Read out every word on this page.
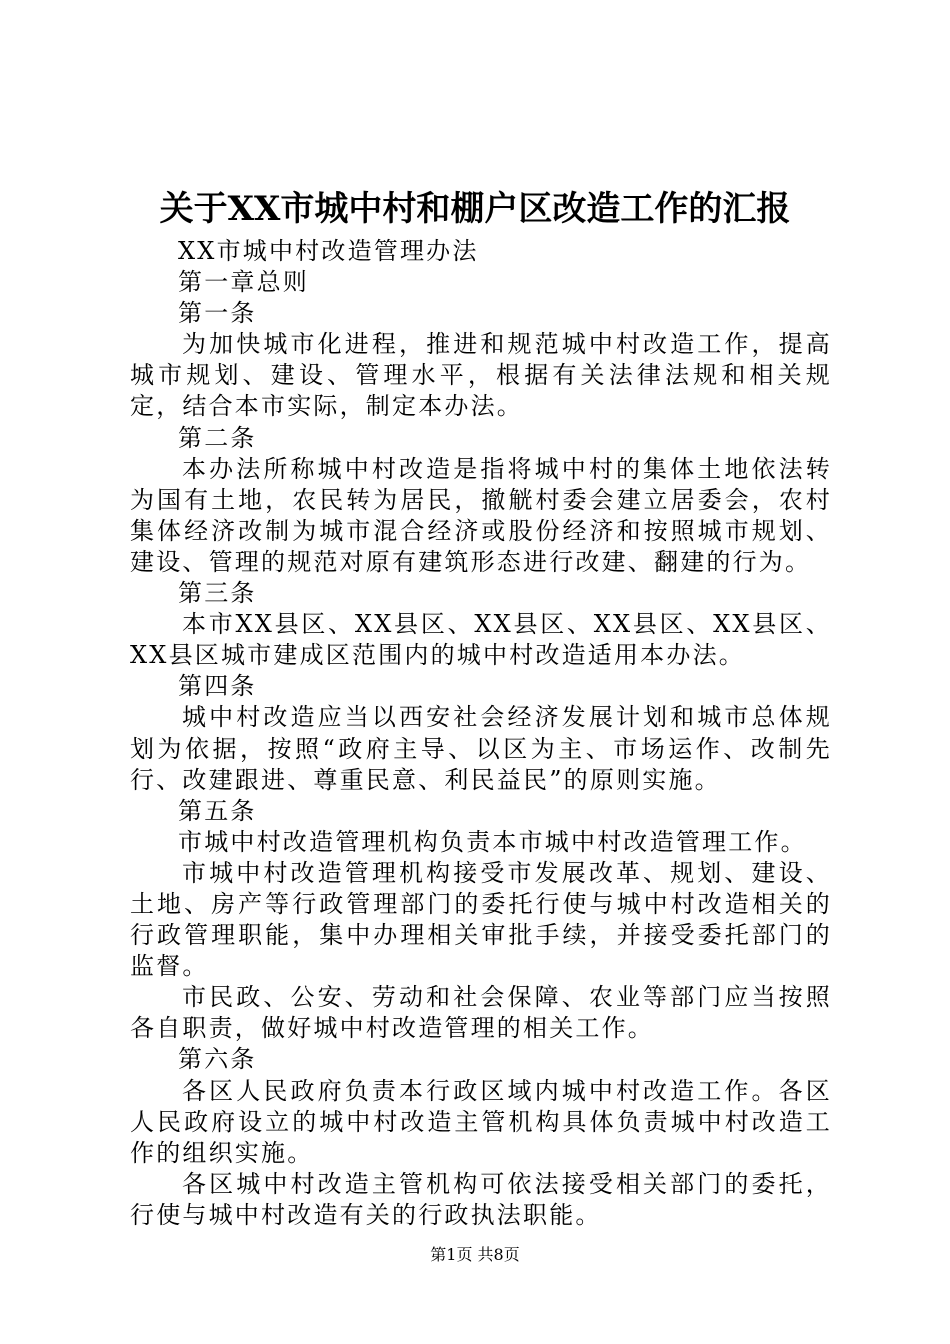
关于XX市城中村和棚户区改造工作的汇报

XX市城中村改造管理办法

第一章总则

第一条

为加快城市化进程，推进和规范城中村改造工作，提高城市规划、建设、管理水平，根据有关法律法规和相关规定，结合本市实际，制定本办法。

第二条

本办法所称城中村改造是指将城中村的集体土地依法转为国有土地，农民转为居民，撤觥村委会建立居委会，农村集体经济改制为城市混合经济或股份经济和按照城市规划、建设、管理的规范对原有建筑形态进行改建、翻建的行为。

第三条

本市XX县区、XX县区、XX县区、XX县区、XX县区、XX县区城市建成区范围内的城中村改造适用本办法。

第四条

城中村改造应当以西安社会经济发展计划和城市总体规划为依据，按照“政府主导、以区为主、市场运作、改制先行、改建跟进、尊重民意、利民益民”的原则实施。

第五条

市城中村改造管理机构负责本市城中村改造管理工作。

市城中村改造管理机构接受市发展改革、规划、建设、土地、房产等行政管理部门的委托行使与城中村改造相关的行政管理职能，集中办理相关审批手续，并接受委托部门的监督。

市民政、公安、劳动和社会保障、农业等部门应当按照各自职责，做好城中村改造管理的相关工作。

第六条

各区人民政府负责本行政区域内城中村改造工作。各区人民政府设立的城中村改造主管机构具体负责城中村改造工作的组织实施。

各区城中村改造主管机构可依法接受相关部门的委托，行使与城中村改造有关的行政执法职能。

第1页 共8页
